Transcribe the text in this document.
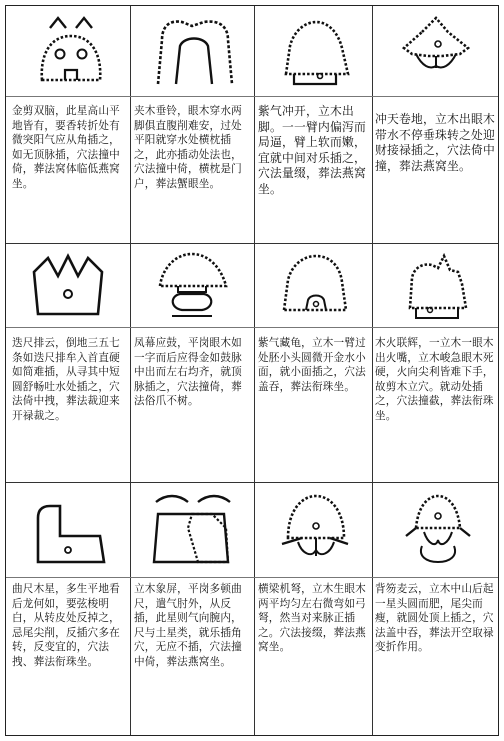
金剪双脑，此星高山平地皆有，要香转折处有微突阳气应从角插之，如无顶脉插，穴法撞中倚，葬法窝体临低燕窝坐。
夹木垂铃，眼木穿水两脚俱直腹削难安，过处平阳就穿水处横枕插之，此亦插动处法也，穴法撞中倚，横枕是门户，葬法蟹眼坐。
紫气冲开，立木出脚。一一臂内偏泻而局逼，臂上软而嫩，宜就中间对乐插之，穴法量缀，葬法燕窝坐。
冲天卷地，立木出眼木带水不停垂珠转之处迎财接禄插之，穴法倚中撞，葬法燕窝坐。
迭尺排云，倒地三五七条如迭尺排牟入首直硬如简难插，从寻其中短圆舒畅吐水处插之，穴法倚中拽，葬法裁迎来开禄裁之。
凤幕应鼓，平岗眼木如一字而后应得金如鼓脉中出而左右均齐，就顶脉插之，穴法撞倚，葬法俗爪不树。
紫气藏龟，立木一臂过处胚小头圆微开金水小面，就小面插之，穴法盖吞，葬法衔珠坐。
木火联辉，一立木一眼木出火嘴，立木峻急眼木死硬，火向尖利皆难下手，故剪木立穴。就动处插之，穴法撞截，葬法衔珠坐。
曲尺木星，多生平地看后龙何如，要弦梭明白，从转皮处反掉之，忌尾尖削，反插穴多在转，反变宜的，穴法拽、葬法衔珠坐。
立木象屏，平岗多顿曲尺，遣气肘外，从反插，此星则气向腕内，尺与土星类，就乐插角穴，无应不插，穴法撞中倚，葬法燕窝坐。
横梁机弩，立木生眼木两平均匀左右微弯如弓弩，然当对来脉正插之。穴法接缀，葬法燕窝坐。
背笏麦云，立木中山后起一星头圆而肥，尾尖而瘦，就圆处顶上插之，穴法盖中吞，葬法开空取禄变折作用。
